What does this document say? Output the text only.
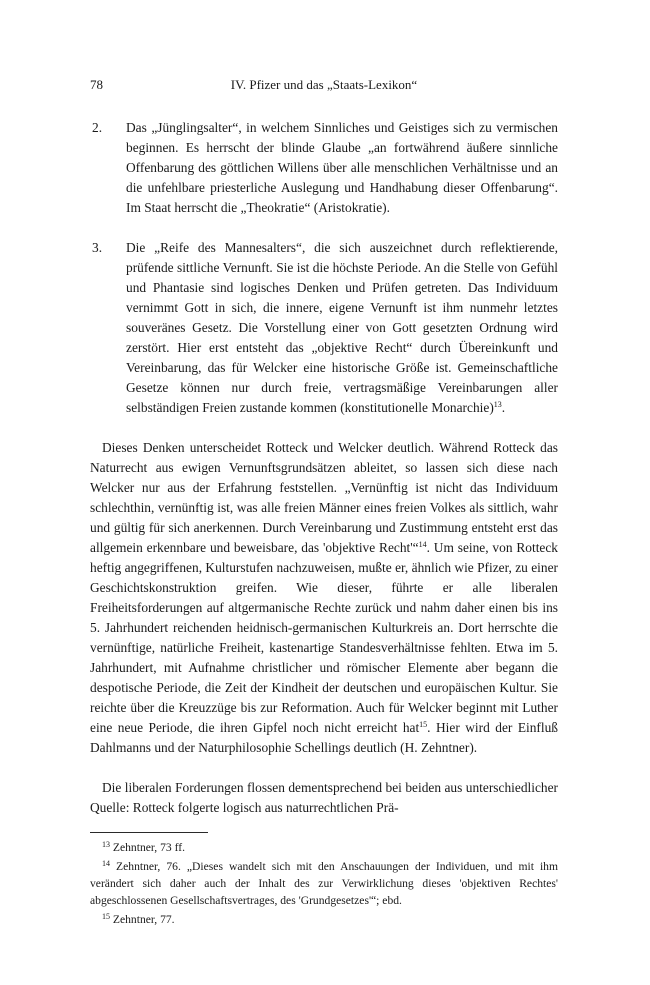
78	IV. Pfizer und das „Staats-Lexikon“
2. Das „Jünglingsalter“, in welchem Sinnliches und Geistiges sich zu vermischen beginnen. Es herrscht der blinde Glaube „an fortwährend äußere sinnliche Offenbarung des göttlichen Willens über alle menschlichen Verhältnisse und an die unfehlbare priesterliche Auslegung und Handhabung dieser Offenbarung“. Im Staat herrscht die „Theokratie“ (Aristokratie).
3. Die „Reife des Mannesalters“, die sich auszeichnet durch reflektierende, prüfende sittliche Vernunft. Sie ist die höchste Periode. An die Stelle von Gefühl und Phantasie sind logisches Denken und Prüfen getreten. Das Individuum vernimmt Gott in sich, die innere, eigene Vernunft ist ihm nunmehr letztes souveränes Gesetz. Die Vorstellung einer von Gott gesetzten Ordnung wird zerstört. Hier erst entsteht das „objektive Recht“ durch Übereinkunft und Vereinbarung, das für Welcker eine historische Größe ist. Gemeinschaftliche Gesetze können nur durch freie, vertragsmäßige Vereinbarungen aller selbständigen Freien zustande kommen (konstitutionelle Monarchie)$^{13}$.

Dieses Denken unterscheidet Rotteck und Welcker deutlich. Während Rotteck das Naturrecht aus ewigen Vernunftsgrundsätzen ableitet, so lassen sich diese nach Welcker nur aus der Erfahrung feststellen. „Vernünftig ist nicht das Individuum schlechthin, vernünftig ist, was alle freien Männer eines freien Volkes als sittlich, wahr und gültig für sich anerkennen. Durch Vereinbarung und Zustimmung entsteht erst das allgemein erkennbare und beweisbare, das 'objektive Recht'“$^{14}$. Um seine, von Rotteck heftig angegriffenen, Kulturstufen nachzuweisen, mußte er, ähnlich wie Pfizer, zu einer Geschichtskonstruktion greifen. Wie dieser, führte er alle liberalen Freiheitsforderungen auf altgermanische Rechte zurück und nahm daher einen bis ins 5. Jahrhundert reichenden heidnisch-germanischen Kulturkreis an. Dort herrschte die vernünftige, natürliche Freiheit, kastenartige Standesverhältnisse fehlten. Etwa im 5. Jahrhundert, mit Aufnahme christlicher und römischer Elemente aber begann die despotische Periode, die Zeit der Kindheit der deutschen und europäischen Kultur. Sie reichte über die Kreuzzüge bis zur Reformation. Auch für Welcker beginnt mit Luther eine neue Periode, die ihren Gipfel noch nicht erreicht hat$^{15}$. Hier wird der Einfluß Dahlmanns und der Naturphilosophie Schellings deutlich (H. Zehntner).

Die liberalen Forderungen flossen dementsprechend bei beiden aus unterschiedlicher Quelle: Rotteck folgerte logisch aus naturrechtlichen Prä-

$^{13}$ Zehntner, 73 ff.

$^{14}$ Zehntner, 76. „Dieses wandelt sich mit den Anschauungen der Individuen, und mit ihm verändert sich daher auch der Inhalt des zur Verwirklichung dieses 'objektiven Rechtes' abgeschlossenen Gesellschaftsvertrages, des 'Grundgesetzes'“; ebd.

$^{15}$ Zehntner, 77.
